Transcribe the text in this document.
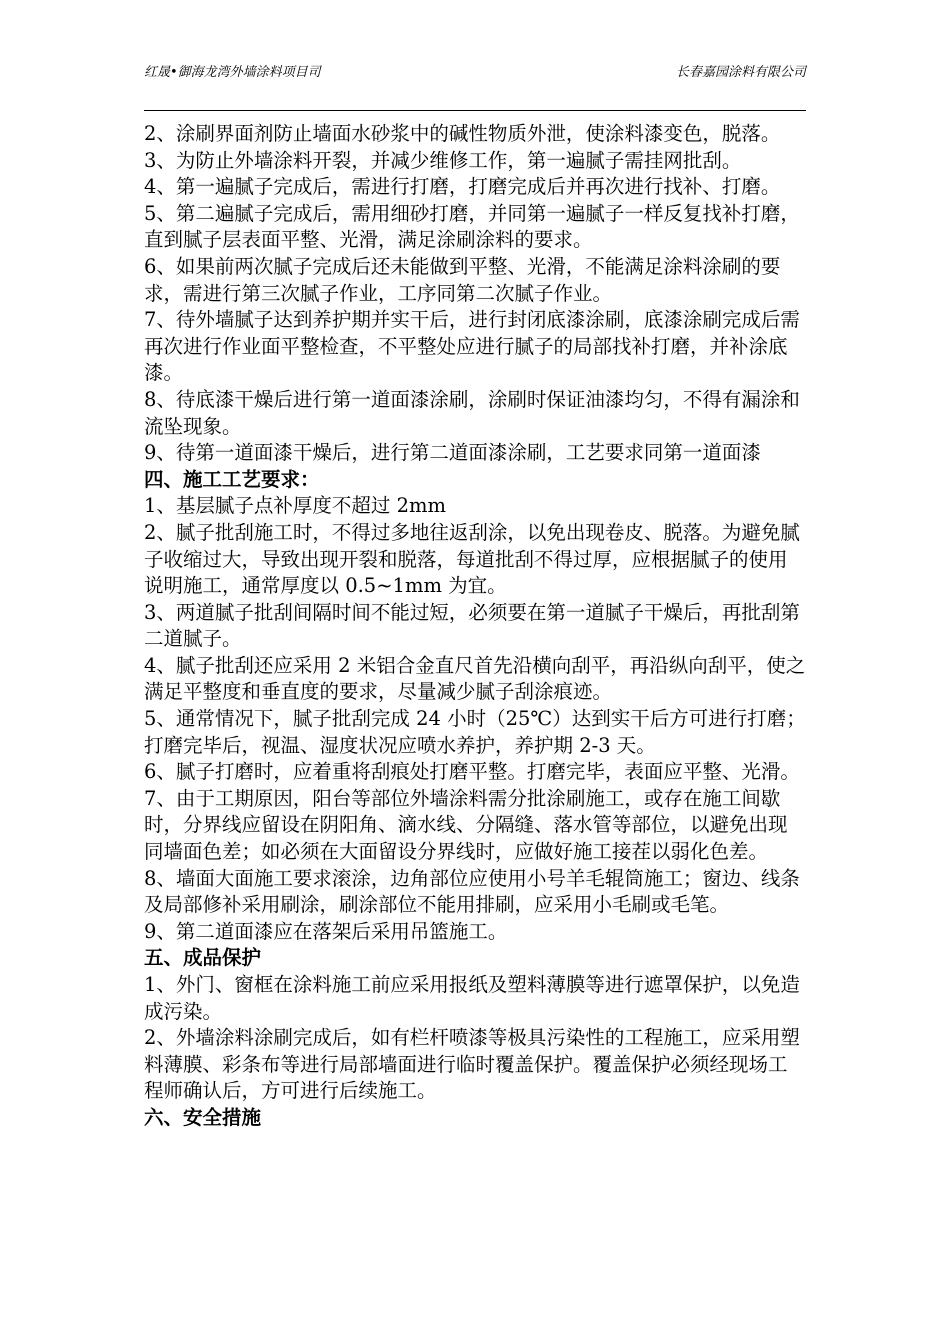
红晟•御海龙湾外墙涂料项目司	长春嘉园涂料有限公司

2、涂刷界面剂防止墙面水砂浆中的碱性物质外泄，使涂料漆变色，脱落。

3、为防止外墙涂料开裂，并减少维修工作，第一遍腻子需挂网批刮。

4、第一遍腻子完成后，需进行打磨，打磨完成后并再次进行找补、打磨。

5、第二遍腻子完成后，需用细砂打磨，并同第一遍腻子一样反复找补打磨，直到腻子层表面平整、光滑，满足涂刷涂料的要求。

6、如果前两次腻子完成后还未能做到平整、光滑，不能满足涂料涂刷的要求，需进行第三次腻子作业，工序同第二次腻子作业。

7、待外墙腻子达到养护期并实干后，进行封闭底漆涂刷，底漆涂刷完成后需再次进行作业面平整检查，不平整处应进行腻子的局部找补打磨，并补涂底漆。

8、待底漆干燥后进行第一道面漆涂刷，涂刷时保证油漆均匀，不得有漏涂和流坠现象。

9、待第一道面漆干燥后，进行第二道面漆涂刷，工艺要求同第一道面漆

四、施工工艺要求：

1、基层腻子点补厚度不超过 2mm

2、腻子批刮施工时，不得过多地往返刮涂，以免出现卷皮、脱落。为避免腻子收缩过大，导致出现开裂和脱落，每道批刮不得过厚，应根据腻子的使用说明施工，通常厚度以 0.5~1mm 为宜。

3、两道腻子批刮间隔时间不能过短，必须要在第一道腻子干燥后，再批刮第二道腻子。

4、腻子批刮还应采用 2 米铝合金直尺首先沿横向刮平，再沿纵向刮平，使之满足平整度和垂直度的要求，尽量减少腻子刮涂痕迹。

5、通常情况下，腻子批刮完成 24 小时（25℃）达到实干后方可进行打磨；打磨完毕后，视温、湿度状况应喷水养护，养护期 2-3 天。

6、腻子打磨时，应着重将刮痕处打磨平整。打磨完毕，表面应平整、光滑。

7、由于工期原因，阳台等部位外墙涂料需分批涂刷施工，或存在施工间歇时，分界线应留设在阴阳角、滴水线、分隔缝、落水管等部位，以避免出现同墙面色差；如必须在大面留设分界线时，应做好施工接茬以弱化色差。

8、墙面大面施工要求滚涂，边角部位应使用小号羊毛辊筒施工；窗边、线条及局部修补采用刷涂，刷涂部位不能用排刷，应采用小毛刷或毛笔。

9、第二道面漆应在落架后采用吊篮施工。

五、成品保护

1、外门、窗框在涂料施工前应采用报纸及塑料薄膜等进行遮罩保护，以免造成污染。

2、外墙涂料涂刷完成后，如有栏杆喷漆等极具污染性的工程施工，应采用塑料薄膜、彩条布等进行局部墙面进行临时覆盖保护。覆盖保护必须经现场工程师确认后，方可进行后续施工。

六、安全措施
